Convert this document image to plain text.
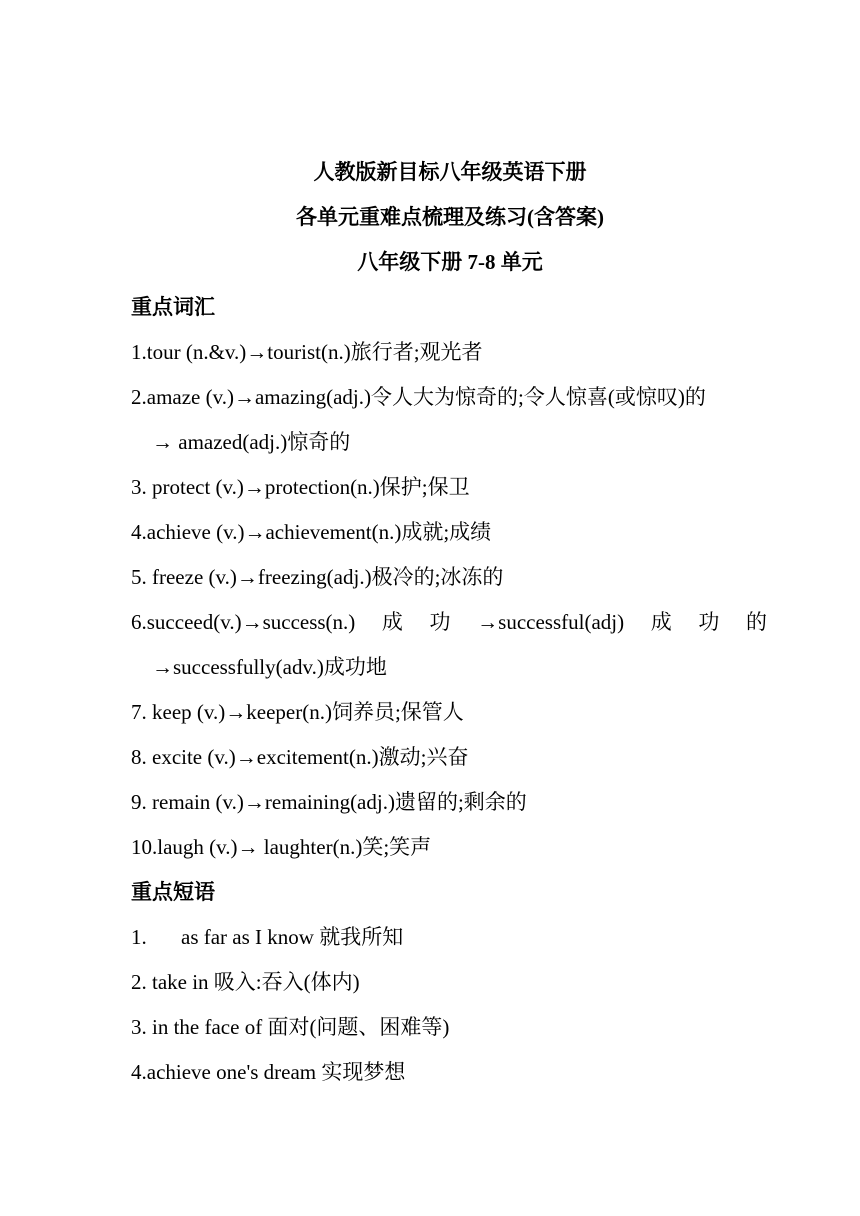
人教版新目标八年级英语下册
各单元重难点梳理及练习(含答案)
八年级下册 7-8 单元
重点词汇
1.tour (n.&v.)→tourist(n.)旅行者;观光者
2.amaze (v.)→amazing(adj.)令人大为惊奇的;令人惊喜(或惊叹)的
→ amazed(adj.)惊奇的
3. protect (v.)→protection(n.)保护;保卫
4.achieve (v.)→achievement(n.)成就;成绩
5. freeze (v.)→freezing(adj.)极冷的;冰冻的
6.succeed(v.)→success(n.) 成 功 →successful(adj) 成 功 的
→successfully(adv.)成功地
7. keep (v.)→keeper(n.)饲养员;保管人
8. excite (v.)→excitement(n.)激动;兴奋
9. remain (v.)→remaining(adj.)遗留的;剩余的
10.laugh (v.)→ laughter(n.)笑;笑声
重点短语
1. as far as I know 就我所知
2. take in 吸入:吞入(体内)
3. in the face of 面对(问题、困难等)
4.achieve one's dream 实现梦想
